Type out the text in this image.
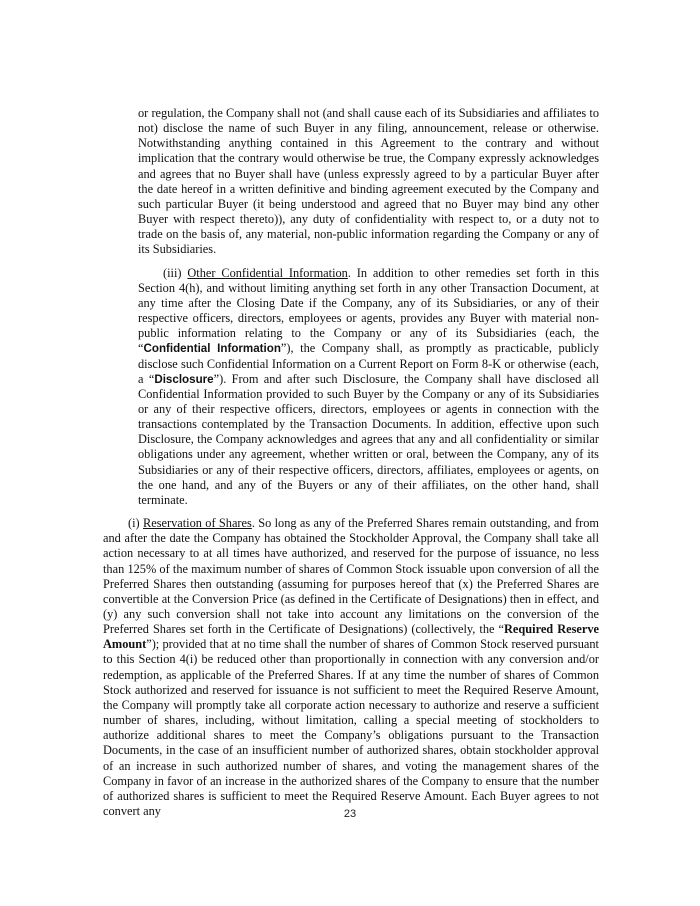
or regulation, the Company shall not (and shall cause each of its Subsidiaries and affiliates to not) disclose the name of such Buyer in any filing, announcement, release or otherwise. Notwithstanding anything contained in this Agreement to the contrary and without implication that the contrary would otherwise be true, the Company expressly acknowledges and agrees that no Buyer shall have (unless expressly agreed to by a particular Buyer after the date hereof in a written definitive and binding agreement executed by the Company and such particular Buyer (it being understood and agreed that no Buyer may bind any other Buyer with respect thereto)), any duty of confidentiality with respect to, or a duty not to trade on the basis of, any material, non-public information regarding the Company or any of its Subsidiaries.

(iii) Other Confidential Information. In addition to other remedies set forth in this Section 4(h), and without limiting anything set forth in any other Transaction Document, at any time after the Closing Date if the Company, any of its Subsidiaries, or any of their respective officers, directors, employees or agents, provides any Buyer with material non-public information relating to the Company or any of its Subsidiaries (each, the “Confidential Information”), the Company shall, as promptly as practicable, publicly disclose such Confidential Information on a Current Report on Form 8-K or otherwise (each, a “Disclosure”). From and after such Disclosure, the Company shall have disclosed all Confidential Information provided to such Buyer by the Company or any of its Subsidiaries or any of their respective officers, directors, employees or agents in connection with the transactions contemplated by the Transaction Documents. In addition, effective upon such Disclosure, the Company acknowledges and agrees that any and all confidentiality or similar obligations under any agreement, whether written or oral, between the Company, any of its Subsidiaries or any of their respective officers, directors, affiliates, employees or agents, on the one hand, and any of the Buyers or any of their affiliates, on the other hand, shall terminate.

(i) Reservation of Shares. So long as any of the Preferred Shares remain outstanding, and from and after the date the Company has obtained the Stockholder Approval, the Company shall take all action necessary to at all times have authorized, and reserved for the purpose of issuance, no less than 125% of the maximum number of shares of Common Stock issuable upon conversion of all the Preferred Shares then outstanding (assuming for purposes hereof that (x) the Preferred Shares are convertible at the Conversion Price (as defined in the Certificate of Designations) then in effect, and (y) any such conversion shall not take into account any limitations on the conversion of the Preferred Shares set forth in the Certificate of Designations) (collectively, the “Required Reserve Amount”); provided that at no time shall the number of shares of Common Stock reserved pursuant to this Section 4(i) be reduced other than proportionally in connection with any conversion and/or redemption, as applicable of the Preferred Shares. If at any time the number of shares of Common Stock authorized and reserved for issuance is not sufficient to meet the Required Reserve Amount, the Company will promptly take all corporate action necessary to authorize and reserve a sufficient number of shares, including, without limitation, calling a special meeting of stockholders to authorize additional shares to meet the Company’s obligations pursuant to the Transaction Documents, in the case of an insufficient number of authorized shares, obtain stockholder approval of an increase in such authorized number of shares, and voting the management shares of the Company in favor of an increase in the authorized shares of the Company to ensure that the number of authorized shares is sufficient to meet the Required Reserve Amount. Each Buyer agrees to not convert any	23
